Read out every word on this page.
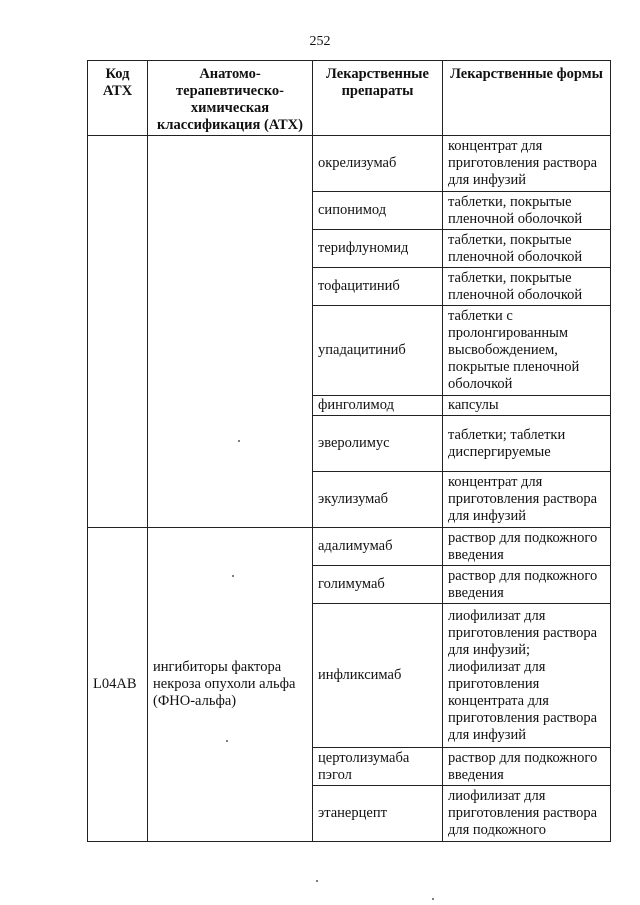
252
Код АТХ	Анатомо-терапевтическо-химическая классификация (АТХ)	Лекарственные препараты	Лекарственные формы
		окрелизумаб	концентрат для приготовления раствора для инфузий
		сипонимод	таблетки, покрытые пленочной оболочкой
		терифлуномид	таблетки, покрытые пленочной оболочкой
		тофацитиниб	таблетки, покрытые пленочной оболочкой
		упадацитиниб	таблетки с пролонгированным высвобождением, покрытые пленочной оболочкой
		финголимод	капсулы
		эверолимус	таблетки; таблетки диспергируемые
		экулизумаб	концентрат для приготовления раствора для инфузий
L04AB	ингибиторы фактора некроза опухоли альфа (ФНО-альфа)	адалимумаб	раствор для подкожного введения
		голимумаб	раствор для подкожного введения
		инфликсимаб	лиофилизат для приготовления раствора для инфузий; лиофилизат для приготовления концентрата для приготовления раствора для инфузий
		цертолизумаба пэгол	раствор для подкожного введения
		этанерцепт	лиофилизат для приготовления раствора для подкожного
